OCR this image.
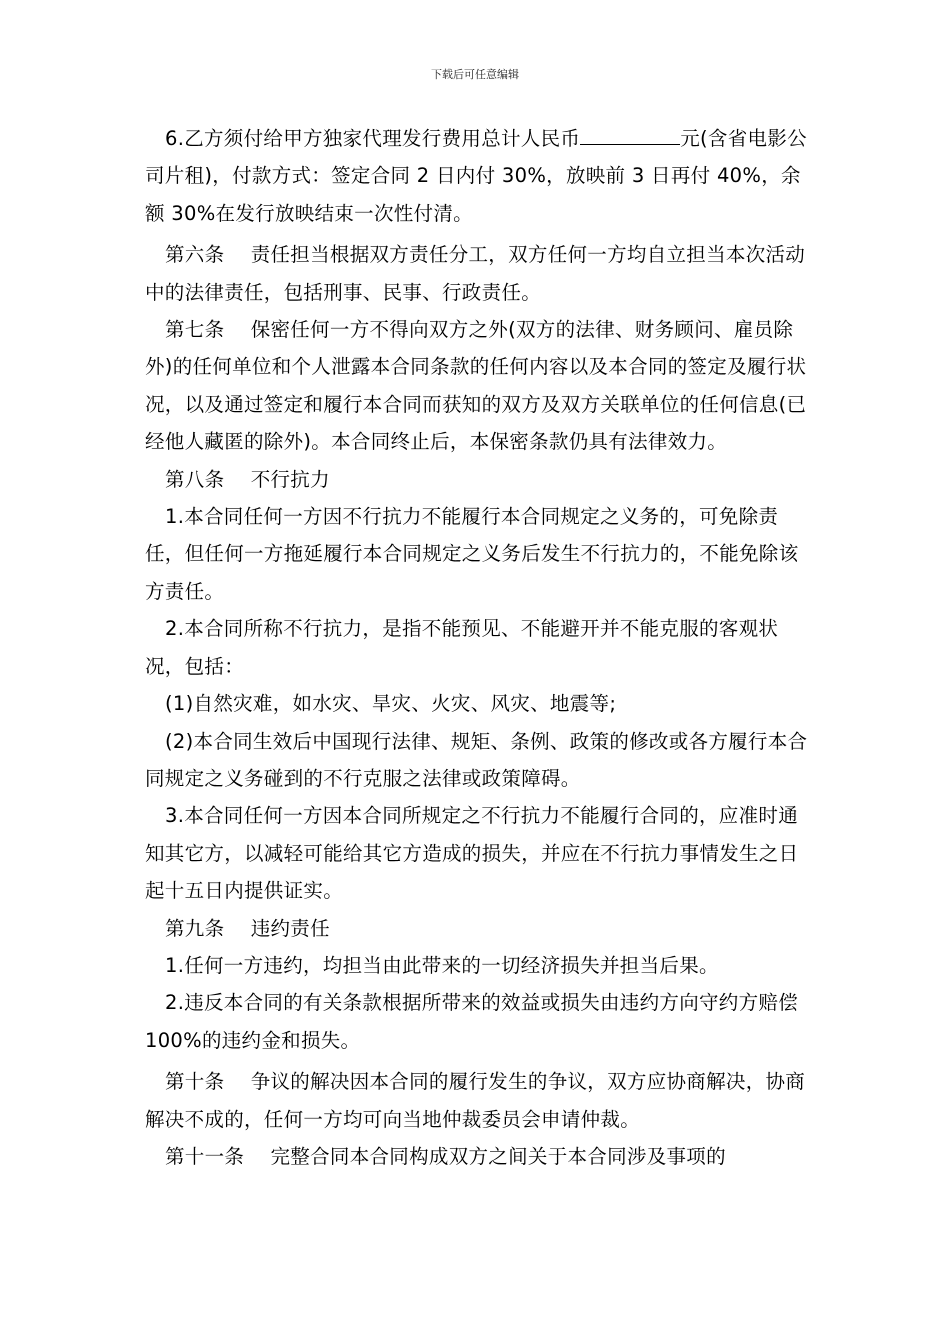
下载后可任意编辑

6.乙方须付给甲方独家代理发行费用总计人民币	元(含省电影公司片租)，付款方式：签定合同 2 日内付 30%，放映前 3 日再付 40%，余额 30%在发行放映结束一次性付清。

第六条　 责任担当根据双方责任分工，双方任何一方均自立担当本次活动中的法律责任，包括刑事、民事、行政责任。

第七条　 保密任何一方不得向双方之外(双方的法律、财务顾问、雇员除外)的任何单位和个人泄露本合同条款的任何内容以及本合同的签定及履行状况，以及通过签定和履行本合同而获知的双方及双方关联单位的任何信息(已经他人藏匿的除外)。本合同终止后，本保密条款仍具有法律效力。

第八条　 不行抗力

1.本合同任何一方因不行抗力不能履行本合同规定之义务的，可免除责任，但任何一方拖延履行本合同规定之义务后发生不行抗力的，不能免除该方责任。

2.本合同所称不行抗力，是指不能预见、不能避开并不能克服的客观状况，包括：

(1)自然灾难，如水灾、旱灾、火灾、风灾、地震等;

(2)本合同生效后中国现行法律、规矩、条例、政策的修改或各方履行本合同规定之义务碰到的不行克服之法律或政策障碍。

3.本合同任何一方因本合同所规定之不行抗力不能履行合同的，应准时通知其它方，以减轻可能给其它方造成的损失，并应在不行抗力事情发生之日起十五日内提供证实。

第九条　 违约责任

1.任何一方违约，均担当由此带来的一切经济损失并担当后果。

2.违反本合同的有关条款根据所带来的效益或损失由违约方向守约方赔偿 100%的违约金和损失。

第十条　 争议的解决因本合同的履行发生的争议，双方应协商解决，协商解决不成的，任何一方均可向当地仲裁委员会申请仲裁。

第十一条　 完整合同本合同构成双方之间关于本合同涉及事项的
